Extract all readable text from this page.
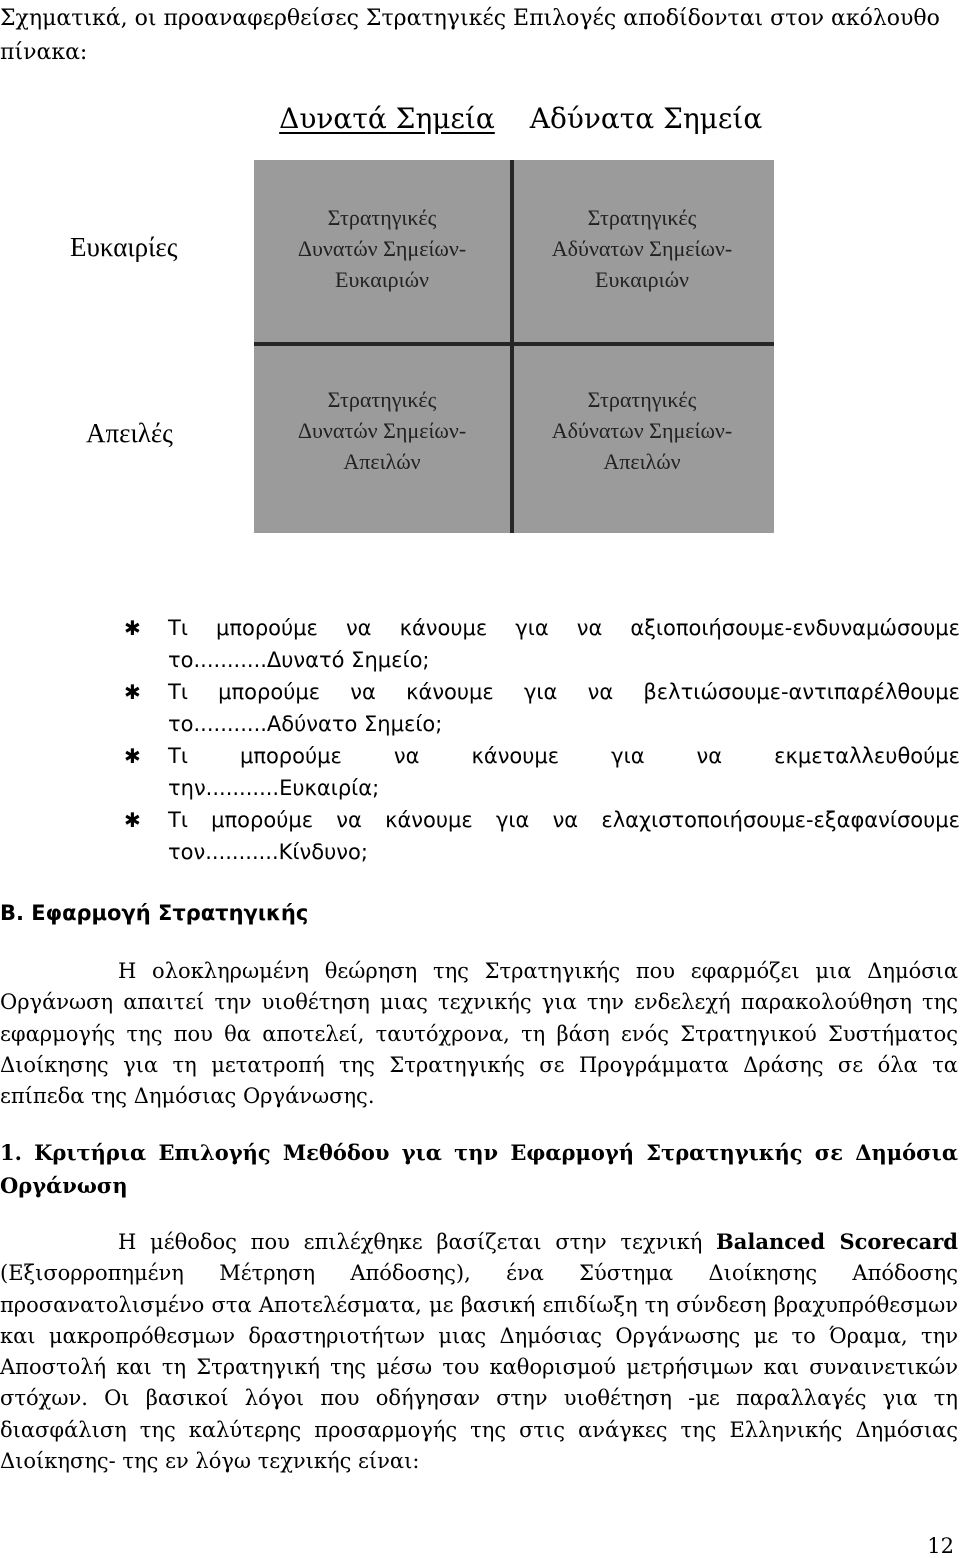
Σχηματικά, οι προαναφερθείσες Στρατηγικές Επιλογές αποδίδονται στον ακόλουθο πίνακα:
Δυνατά Σημεία	Αδύνατα Σημεία
Ευκαιρίες
Απειλές
Στρατηγικές
Δυνατών Σημείων-
Ευκαιριών
Στρατηγικές
Αδύνατων Σημείων-
Ευκαιριών
Στρατηγικές
Δυνατών Σημείων-
Απειλών
Στρατηγικές
Αδύνατων Σημείων-
Απειλών
✱ Τι μπορούμε να κάνουμε για να αξιοποιήσουμε-ενδυναμώσουμε
το...........Δυνατό Σημείο;
✱ Τι μπορούμε να κάνουμε για να βελτιώσουμε-αντιπαρέλθουμε
το...........Αδύνατο Σημείο;
✱ Τι μπορούμε να κάνουμε για να εκμεταλλευθούμε
την...........Ευκαιρία;
✱ Τι μπορούμε να κάνουμε για να ελαχιστοποιήσουμε-εξαφανίσουμε
τον...........Κίνδυνο;
Β. Εφαρμογή Στρατηγικής
Η ολοκληρωμένη θεώρηση της Στρατηγικής που εφαρμόζει μια Δημόσια Οργάνωση απαιτεί την υιοθέτηση μιας τεχνικής για την ενδελεχή παρακολούθηση της εφαρμογής της που θα αποτελεί, ταυτόχρονα, τη βάση ενός Στρατηγικού Συστήματος Διοίκησης για τη μετατροπή της Στρατηγικής σε Προγράμματα Δράσης σε όλα τα επίπεδα της Δημόσιας Οργάνωσης.
1. Κριτήρια Επιλογής Μεθόδου για την Εφαρμογή Στρατηγικής σε Δημόσια Οργάνωση
Η μέθοδος που επιλέχθηκε βασίζεται στην τεχνική Balanced Scorecard (Εξισορροπημένη Μέτρηση Απόδοσης), ένα Σύστημα Διοίκησης Απόδοσης προσανατολισμένο στα Αποτελέσματα, με βασική επιδίωξη τη σύνδεση βραχυπρόθεσμων και μακροπρόθεσμων δραστηριοτήτων μιας Δημόσιας Οργάνωσης με το Όραμα, την Αποστολή και τη Στρατηγική της μέσω του καθορισμού μετρήσιμων και συναινετικών στόχων. Οι βασικοί λόγοι που οδήγησαν στην υιοθέτηση -με παραλλαγές για τη διασφάλιση της καλύτερης προσαρμογής της στις ανάγκες της Ελληνικής Δημόσιας Διοίκησης- της εν λόγω τεχνικής είναι:
12
